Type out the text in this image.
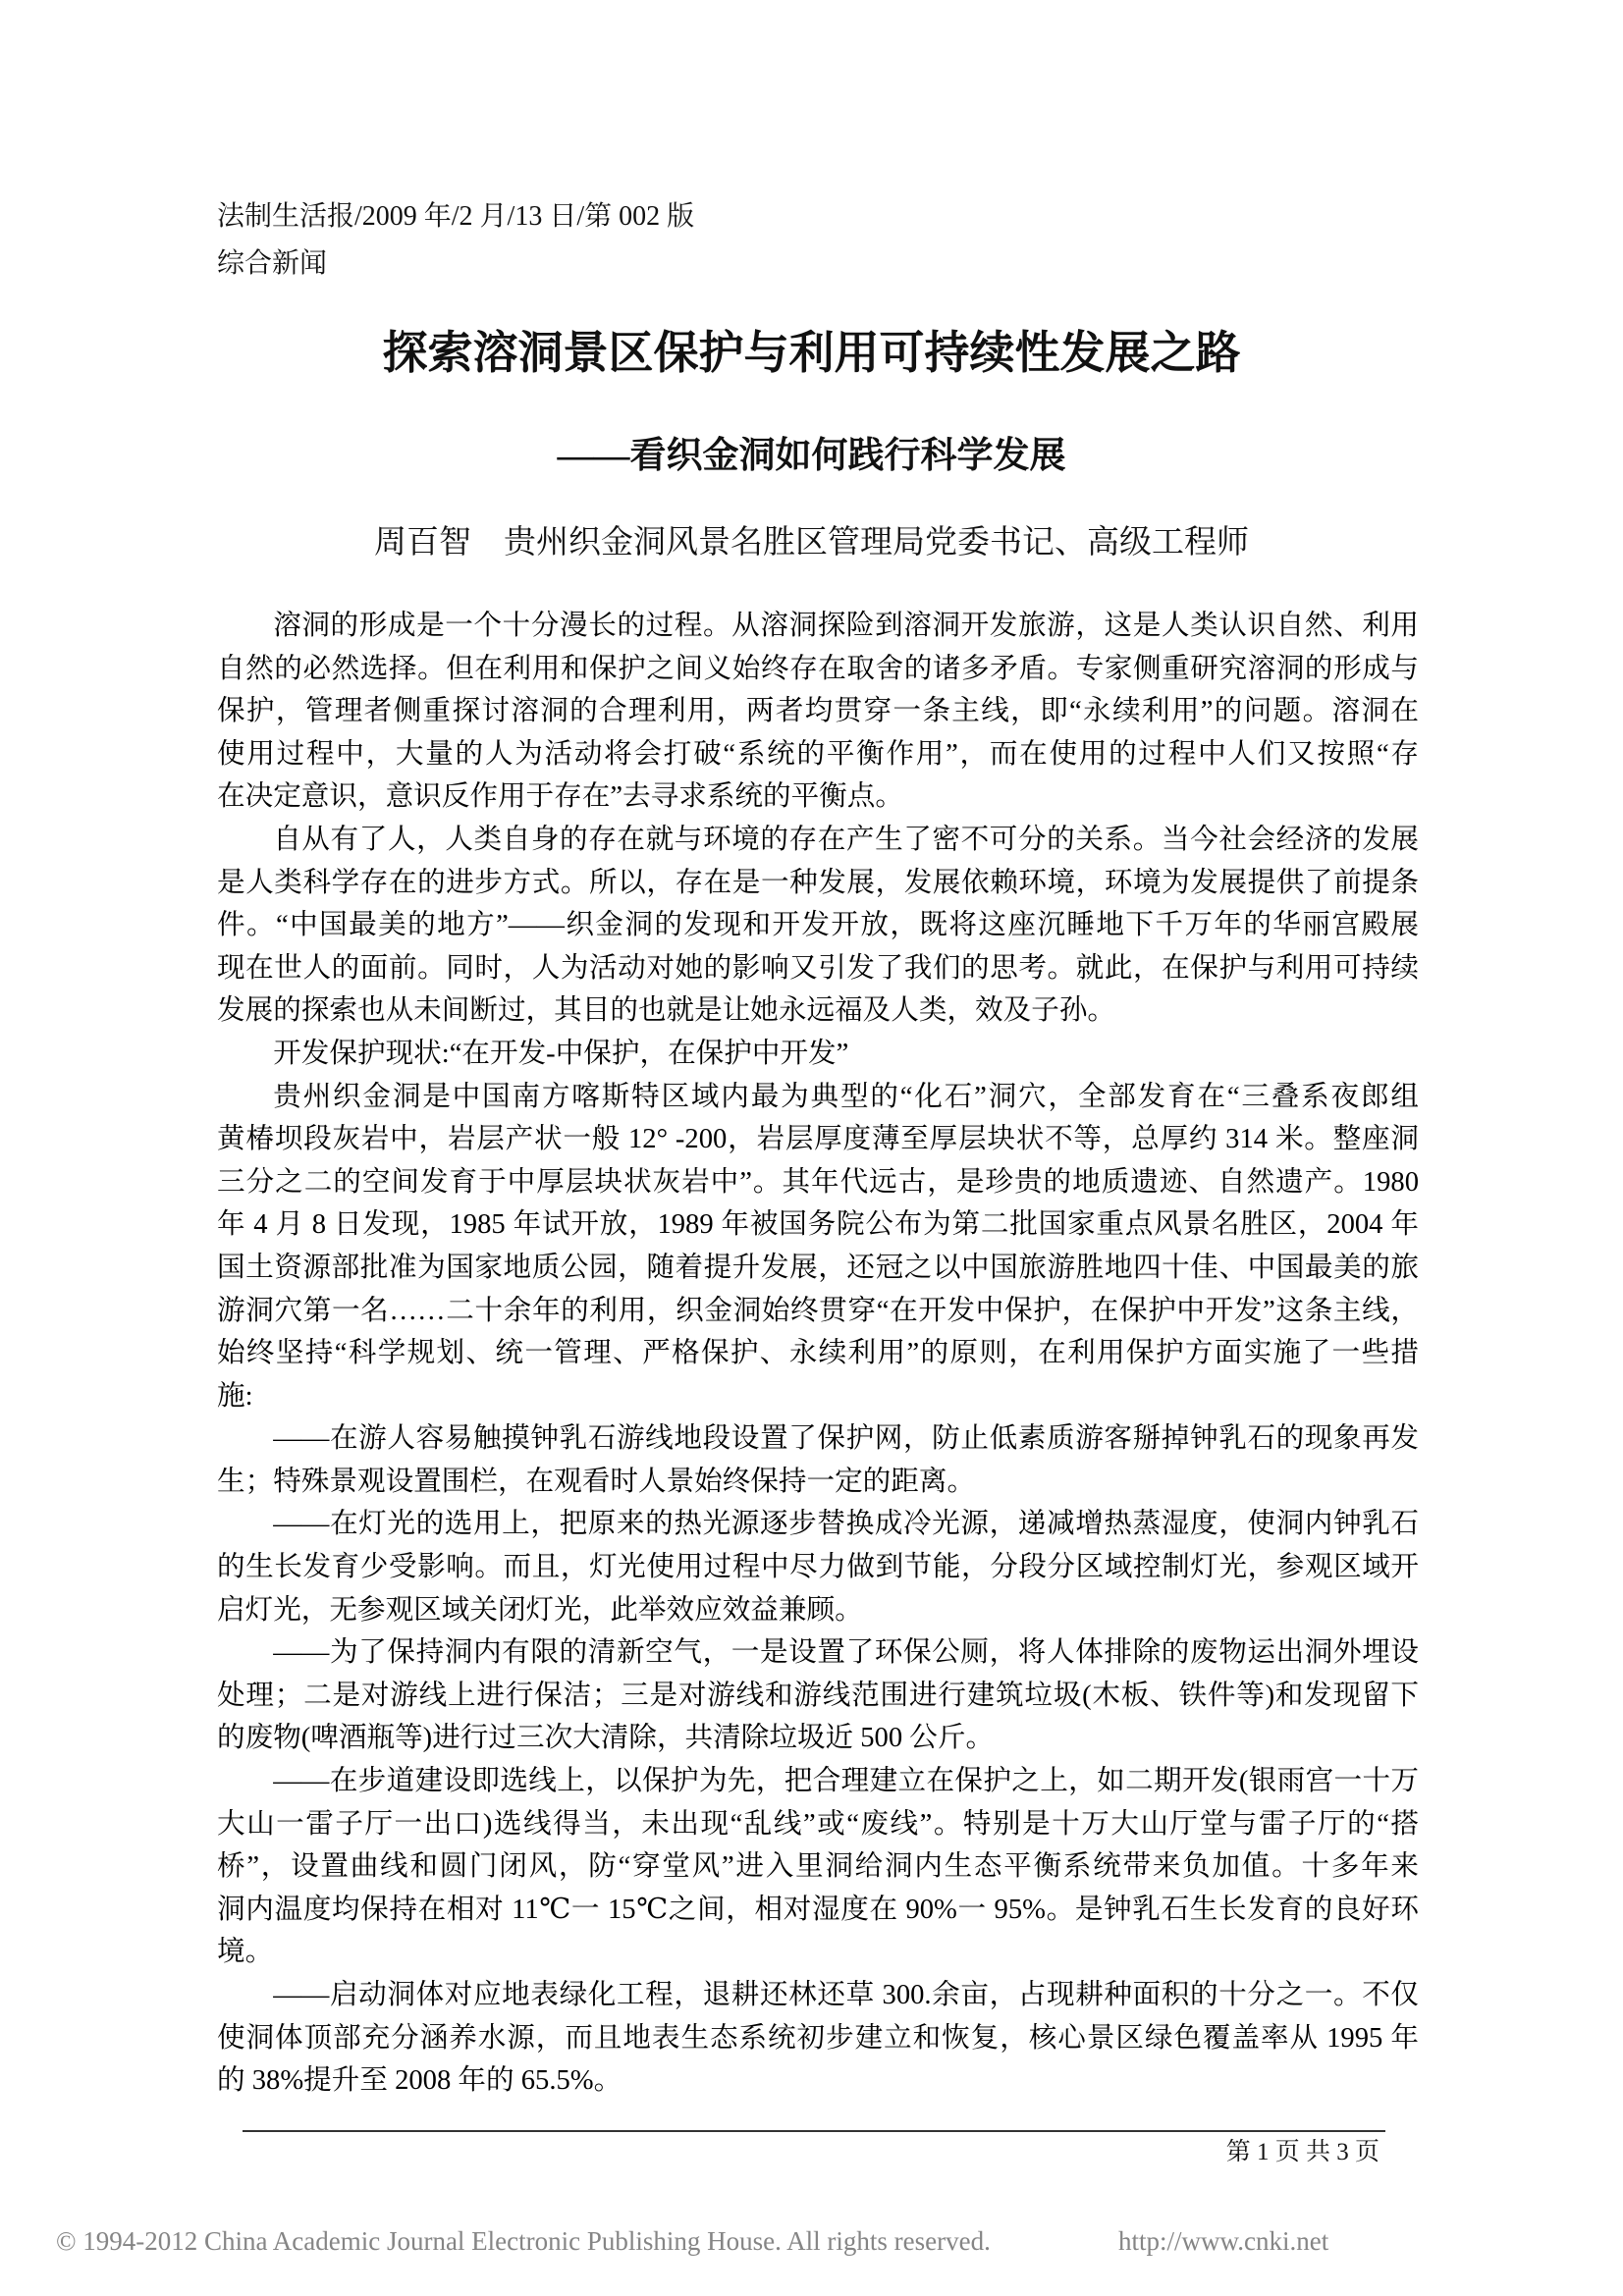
法制生活报/2009 年/2 月/13 日/第 002 版
综合新闻
探索溶洞景区保护与利用可持续性发展之路
——看织金洞如何践行科学发展
周百智　贵州织金洞风景名胜区管理局党委书记、高级工程师
溶洞的形成是一个十分漫长的过程。从溶洞探险到溶洞开发旅游，这是人类认识自然、利用
自然的必然选择。但在利用和保护之间义始终存在取舍的诸多矛盾。专家侧重研究溶洞的形成与
保护，管理者侧重探讨溶洞的合理利用，两者均贯穿一条主线，即“永续利用”的问题。溶洞在
使用过程中，大量的人为活动将会打破“系统的平衡作用”，而在使用的过程中人们又按照“存
在决定意识，意识反作用于存在”去寻求系统的平衡点。
自从有了人，人类自身的存在就与环境的存在产生了密不可分的关系。当今社会经济的发展
是人类科学存在的进步方式。所以，存在是一种发展，发展依赖环境，环境为发展提供了前提条
件。“中国最美的地方”——织金洞的发现和开发开放，既将这座沉睡地下千万年的华丽宫殿展
现在世人的面前。同时，人为活动对她的影响又引发了我们的思考。就此，在保护与利用可持续
发展的探索也从未间断过，其目的也就是让她永远福及人类，效及子孙。
开发保护现状:“在开发-中保护，在保护中开发”
贵州织金洞是中国南方喀斯特区域内最为典型的“化石”洞穴，全部发育在“三叠系夜郎组
黄椿坝段灰岩中，岩层产状一般 12° -200，岩层厚度薄至厚层块状不等，总厚约 314 米。整座洞
三分之二的空间发育于中厚层块状灰岩中”。其年代远古，是珍贵的地质遗迹、自然遗产。1980
年 4 月 8 日发现，1985 年试开放，1989 年被国务院公布为第二批国家重点风景名胜区，2004 年
国土资源部批准为国家地质公园，随着提升发展，还冠之以中国旅游胜地四十佳、中国最美的旅
游洞穴第一名……二十余年的利用，织金洞始终贯穿“在开发中保护，在保护中开发”这条主线，
始终坚持“科学规划、统一管理、严格保护、永续利用”的原则，在利用保护方面实施了一些措
施:
——在游人容易触摸钟乳石游线地段设置了保护网，防止低素质游客掰掉钟乳石的现象再发
生；特殊景观设置围栏，在观看时人景始终保持一定的距离。
——在灯光的选用上，把原来的热光源逐步替换成冷光源，递减增热蒸湿度，使洞内钟乳石
的生长发育少受影响。而且，灯光使用过程中尽力做到节能，分段分区域控制灯光，参观区域开
启灯光，无参观区域关闭灯光，此举效应效益兼顾。
——为了保持洞内有限的清新空气，一是设置了环保公厕，将人体排除的废物运出洞外埋设
处理；二是对游线上进行保洁；三是对游线和游线范围进行建筑垃圾(木板、铁件等)和发现留下
的废物(啤酒瓶等)进行过三次大清除，共清除垃圾近 500 公斤。
——在步道建设即选线上，以保护为先，把合理建立在保护之上，如二期开发(银雨宫一十万
大山一雷子厅一出口)选线得当，未出现“乱线”或“废线”。特别是十万大山厅堂与雷子厅的“搭
桥”，设置曲线和圆门闭风，防“穿堂风”进入里洞给洞内生态平衡系统带来负加值。十多年来
洞内温度均保持在相对 11℃一 15℃之间，相对湿度在 90%一 95%。是钟乳石生长发育的良好环
境。
——启动洞体对应地表绿化工程，退耕还林还草 300.余亩，占现耕种面积的十分之一。不仅
使洞体顶部充分涵养水源，而且地表生态系统初步建立和恢复，核心景区绿色覆盖率从 1995 年
的 38%提升至 2008 年的 65.5%。
第 1 页 共 3 页
© 1994-2012 China Academic Journal Electronic Publishing House. All rights reserved.	http://www.cnki.net
